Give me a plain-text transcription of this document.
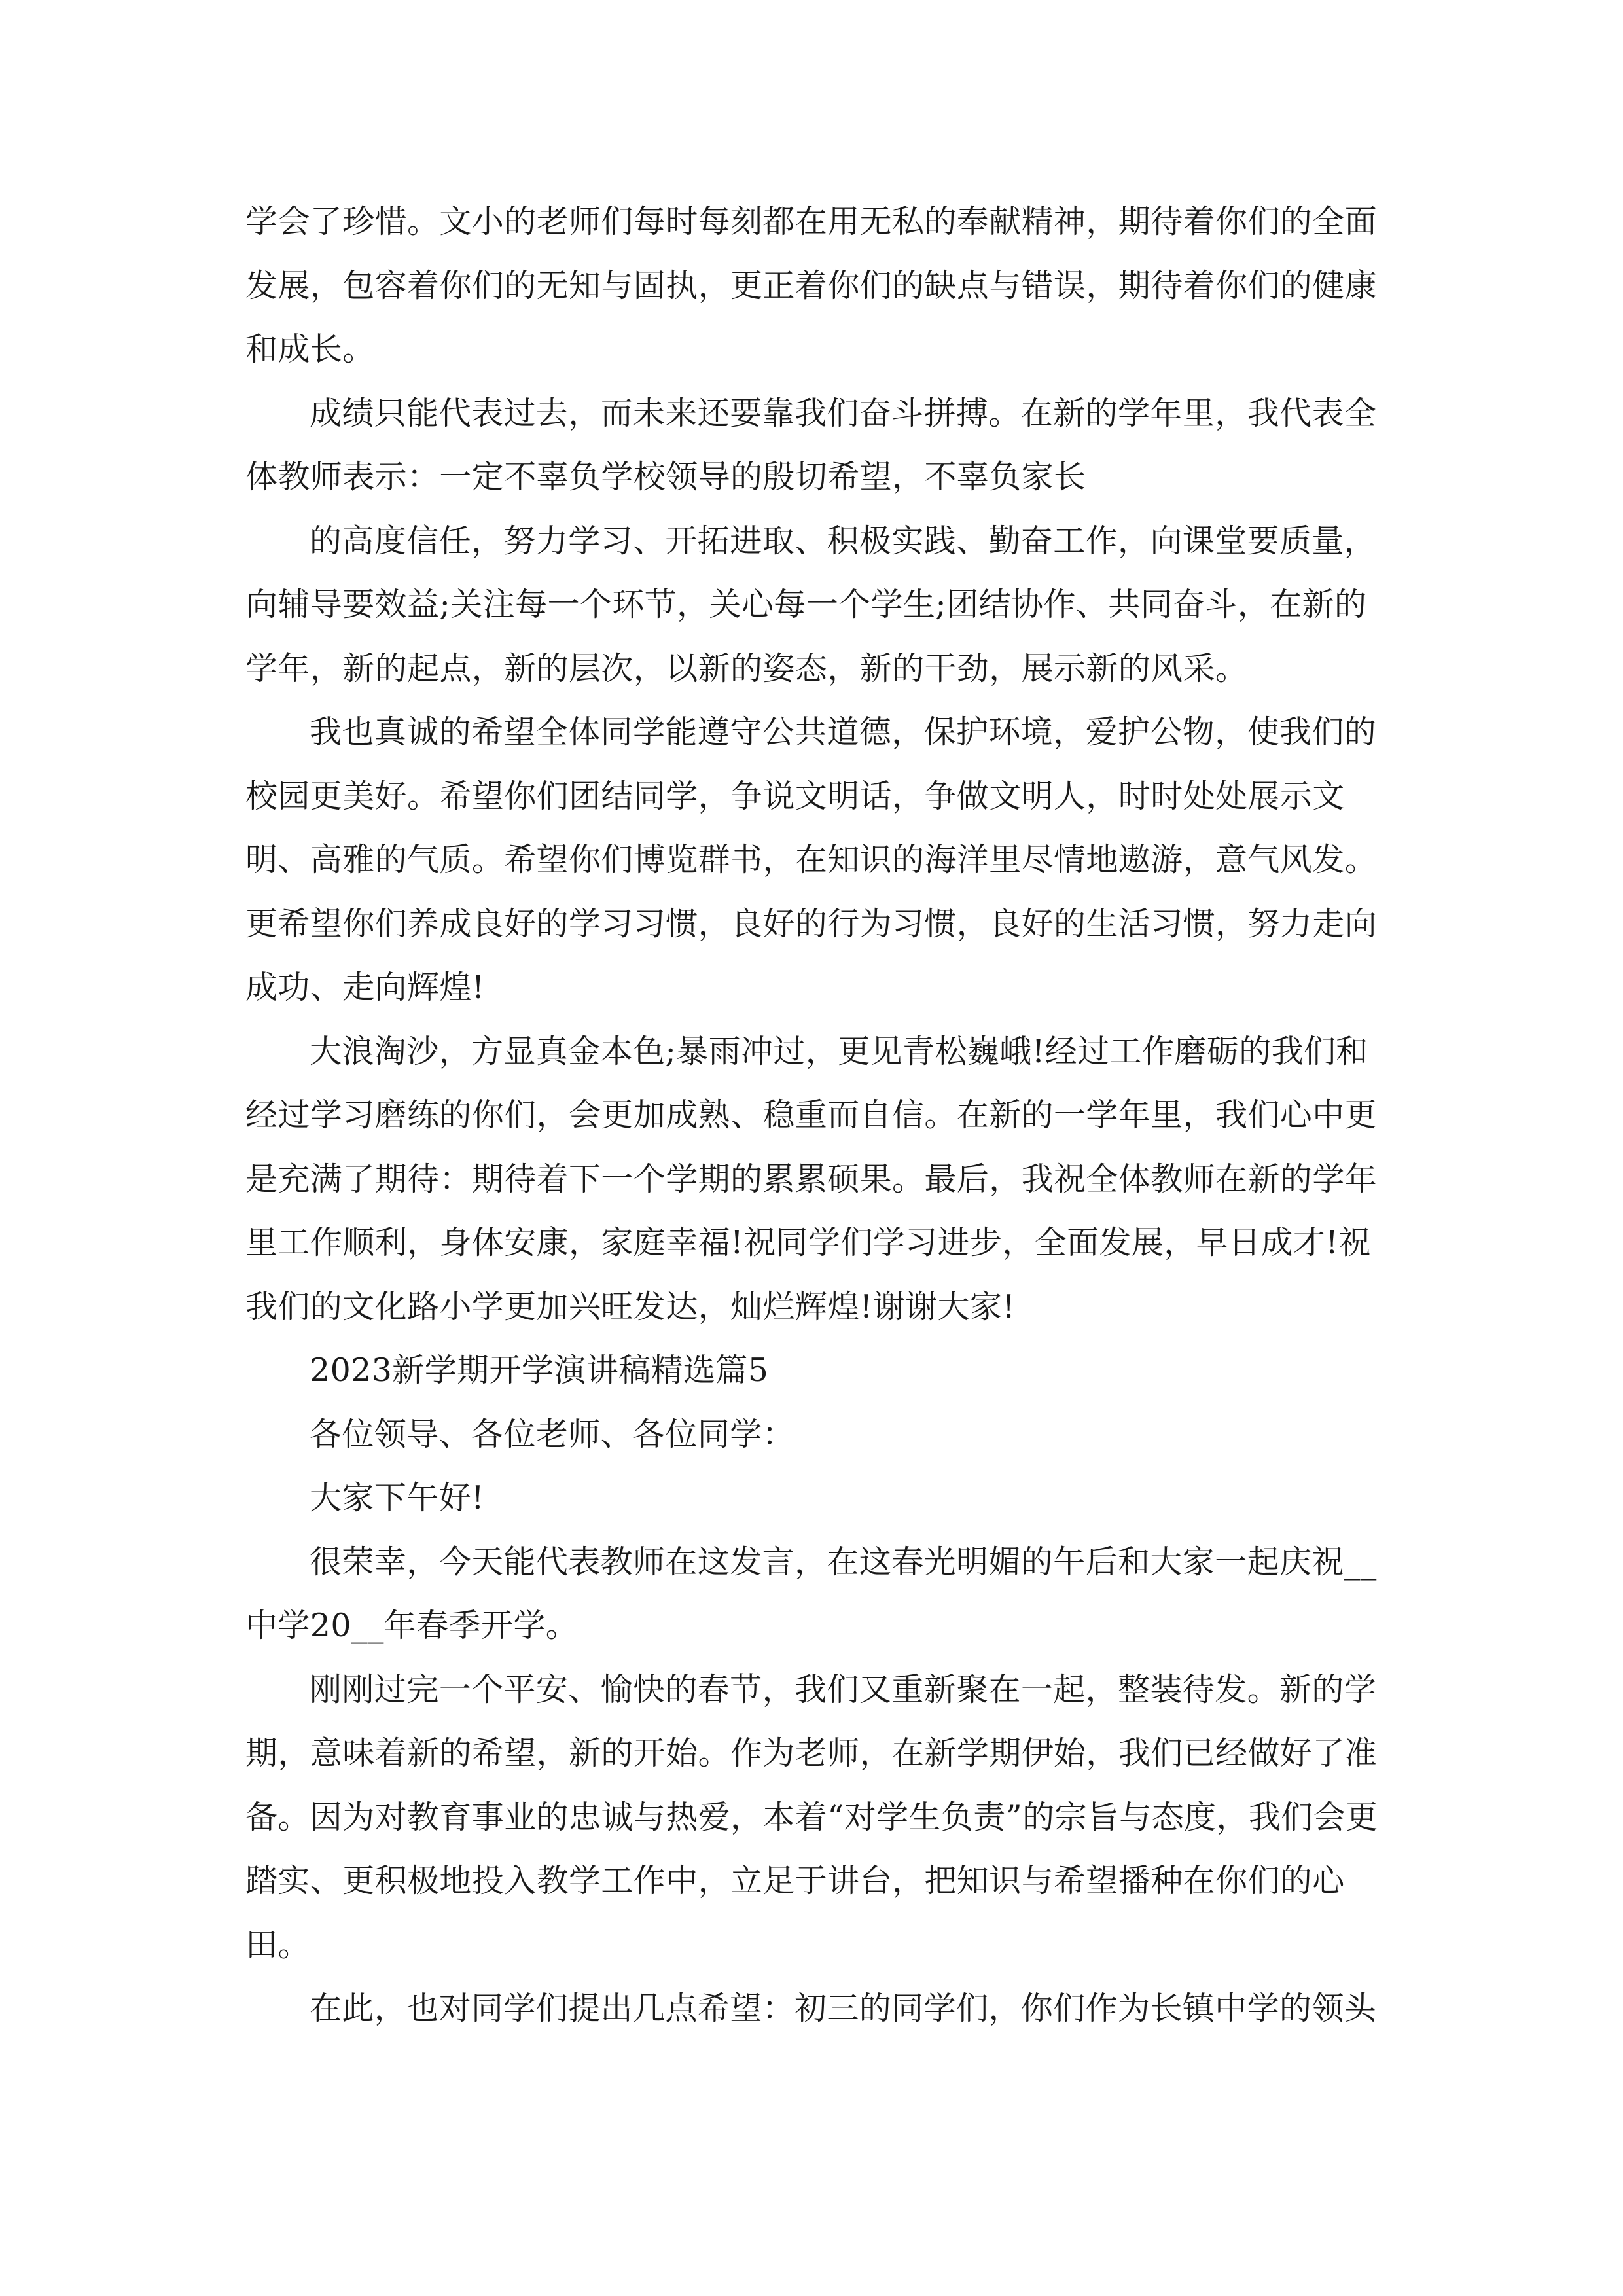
学会了珍惜。文小的老师们每时每刻都在用无私的奉献精神，期待着你们的全面发展，包容着你们的无知与固执，更正着你们的缺点与错误，期待着你们的健康和成长。

成绩只能代表过去，而未来还要靠我们奋斗拼搏。在新的学年里，我代表全体教师表示：一定不辜负学校领导的殷切希望，不辜负家长

的高度信任，努力学习、开拓进取、积极实践、勤奋工作，向课堂要质量，向辅导要效益;关注每一个环节，关心每一个学生;团结协作、共同奋斗，在新的学年，新的起点，新的层次，以新的姿态，新的干劲，展示新的风采。

我也真诚的希望全体同学能遵守公共道德，保护环境，爱护公物，使我们的校园更美好。希望你们团结同学，争说文明话，争做文明人，时时处处展示文明、高雅的气质。希望你们博览群书，在知识的海洋里尽情地遨游，意气风发。更希望你们养成良好的学习习惯，良好的行为习惯，良好的生活习惯，努力走向成功、走向辉煌!

大浪淘沙，方显真金本色;暴雨冲过，更见青松巍峨!经过工作磨砺的我们和经过学习磨练的你们，会更加成熟、稳重而自信。在新的一学年里，我们心中更是充满了期待：期待着下一个学期的累累硕果。最后，我祝全体教师在新的学年里工作顺利，身体安康，家庭幸福!祝同学们学习进步，全面发展，早日成才!祝我们的文化路小学更加兴旺发达，灿烂辉煌!谢谢大家!

2023新学期开学演讲稿精选篇5

各位领导、各位老师、各位同学：

大家下午好!

很荣幸，今天能代表教师在这发言，在这春光明媚的午后和大家一起庆祝__中学20__年春季开学。

刚刚过完一个平安、愉快的春节，我们又重新聚在一起，整装待发。新的学期，意味着新的希望，新的开始。作为老师，在新学期伊始，我们已经做好了准备。因为对教育事业的忠诚与热爱，本着“对学生负责”的宗旨与态度，我们会更踏实、更积极地投入教学工作中，立足于讲台，把知识与希望播种在你们的心田。

在此，也对同学们提出几点希望：初三的同学们，你们作为长镇中学的领头
